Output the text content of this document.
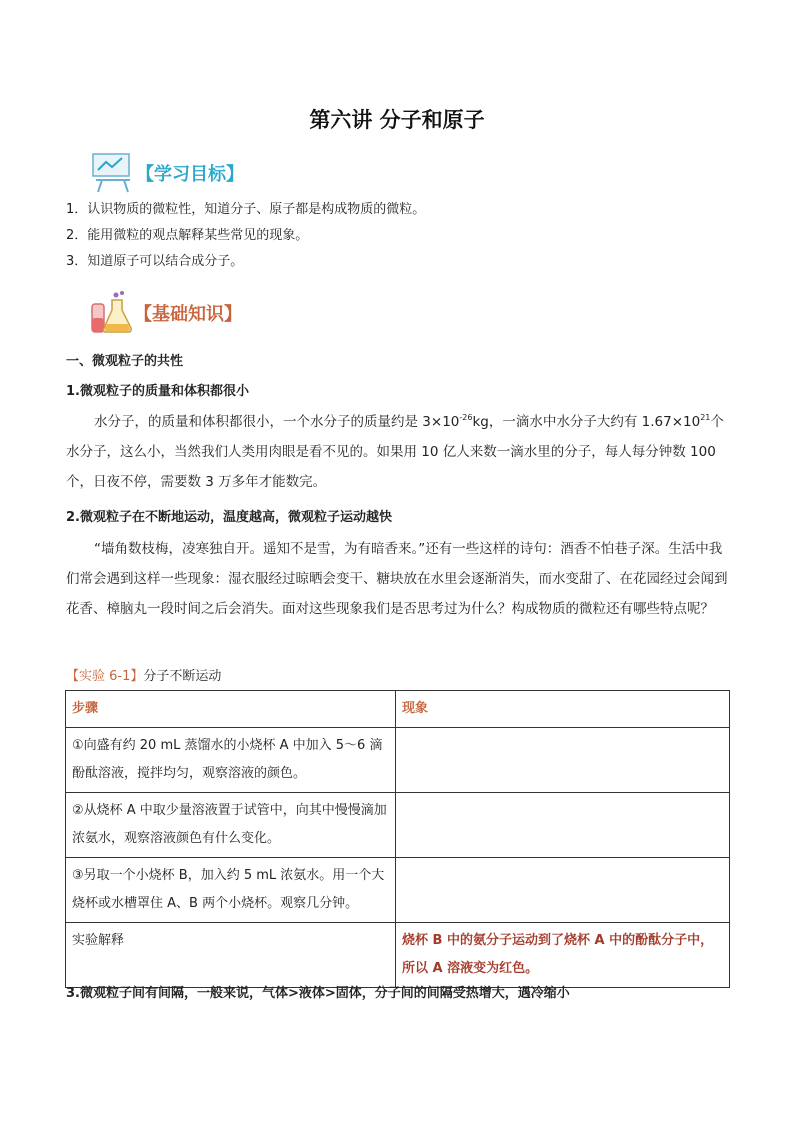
第六讲 分子和原子
【学习目标】
1．认识物质的微粒性，知道分子、原子都是构成物质的微粒。
2．能用微粒的观点解释某些常见的现象。
3．知道原子可以结合成分子。
【基础知识】
一、微观粒子的共性
1.微观粒子的质量和体积都很小

水分子，的质量和体积都很小，一个水分子的质量约是 $3\times 10^{-26}kg$，一滴水中水分子大约有 $1.67\times 10^{21}$个水分子，这么小，当然我们人类用肉眼是看不见的。如果用 10 亿人来数一滴水里的分子，每人每分钟数 100 个，日夜不停，需要数 3 万多年才能数完。

2.微观粒子在不断地运动，温度越高，微观粒子运动越快

“墙角数枝梅，凌寒独自开。遥知不是雪，为有暗香来。”还有一些这样的诗句：酒香不怕巷子深。生活中我们常会遇到这样一些现象：湿衣服经过晾晒会变干、糖块放在水里会逐渐消失，而水变甜了、在花园经过会闻到花香、樟脑丸一段时间之后会消失。面对这些现象我们是否思考过为什么？构成物质的微粒还有哪些特点呢？

【实验 6-1】分子不断运动
步骤	现象
①向盛有约 20 mL 蒸馏水的小烧杯 A 中加入 5～6 滴酚酞溶液，搅拌均匀，观察溶液的颜色。	
②从烧杯 A 中取少量溶液置于试管中，向其中慢慢滴加浓氨水，观察溶液颜色有什么变化。	
③另取一个小烧杯 B，加入约 5 mL 浓氨水。用一个大烧杯或水槽罩住 A、B 两个小烧杯。观察几分钟。	
实验解释	烧杯 B 中的氨分子运动到了烧杯 A 中的酚酞分子中，所以 A 溶液变为红色。
3.微观粒子间有间隔，一般来说，气体>液体>固体，分子间的间隔受热增大，遇冷缩小
